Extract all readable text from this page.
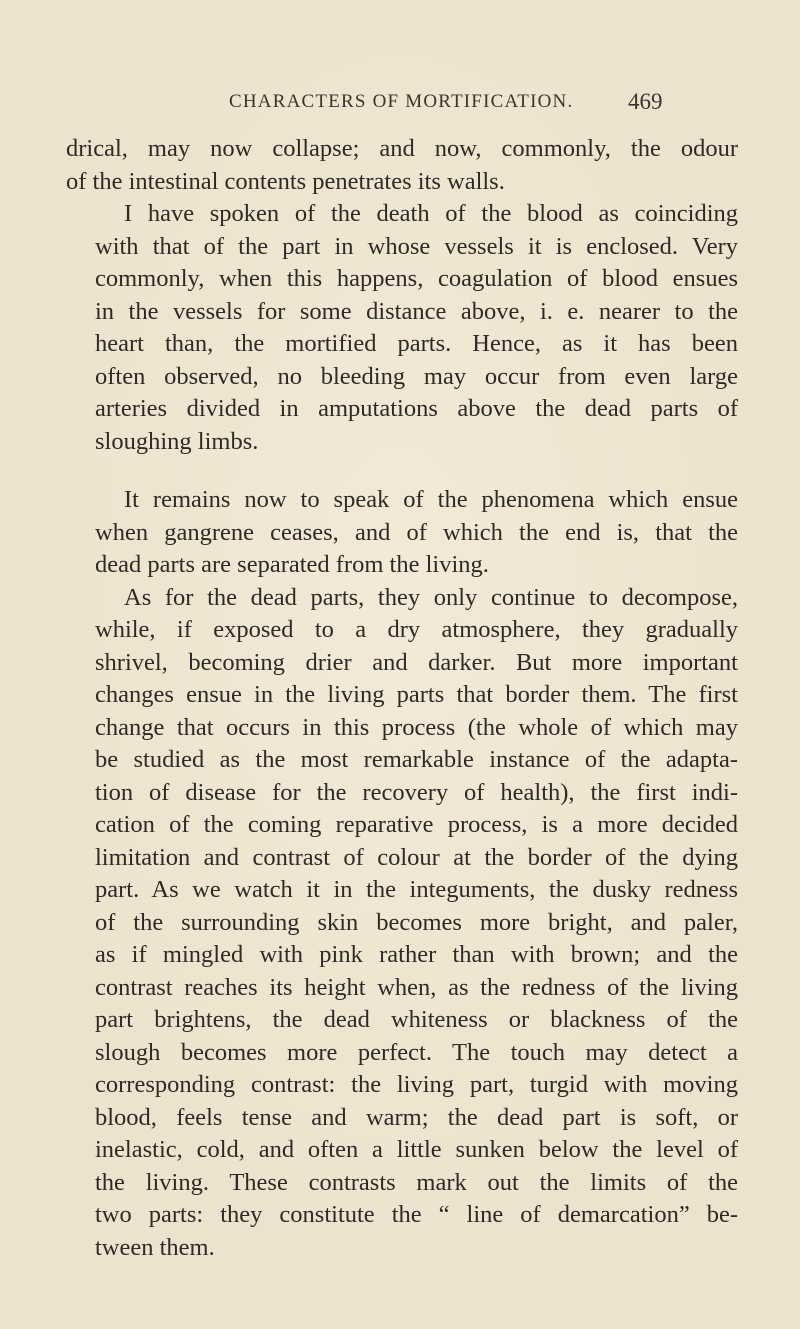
CHARACTERS OF MORTIFICATION. 469
drical, may now collapse; and now, commonly, the odour
of the intestinal contents penetrates its walls.
I have spoken of the death of the blood as coinciding
with that of the part in whose vessels it is enclosed. Very
commonly, when this happens, coagulation of blood ensues
in the vessels for some distance above, i. e. nearer to the
heart than, the mortified parts. Hence, as it has been
often observed, no bleeding may occur from even large
arteries divided in amputations above the dead parts of
sloughing limbs.
It remains now to speak of the phenomena which ensue
when gangrene ceases, and of which the end is, that the
dead parts are separated from the living.
As for the dead parts, they only continue to decompose,
while, if exposed to a dry atmosphere, they gradually
shrivel, becoming drier and darker. But more important
changes ensue in the living parts that border them. The first
change that occurs in this process (the whole of which may
be studied as the most remarkable instance of the adapta-
tion of disease for the recovery of health), the first indi-
cation of the coming reparative process, is a more decided
limitation and contrast of colour at the border of the dying
part. As we watch it in the integuments, the dusky redness
of the surrounding skin becomes more bright, and paler,
as if mingled with pink rather than with brown; and the
contrast reaches its height when, as the redness of the living
part brightens, the dead whiteness or blackness of the
slough becomes more perfect. The touch may detect a
corresponding contrast: the living part, turgid with moving
blood, feels tense and warm; the dead part is soft, or
inelastic, cold, and often a little sunken below the level of
the living. These contrasts mark out the limits of the
two parts: they constitute the “ line of demarcation” be-
tween them.
